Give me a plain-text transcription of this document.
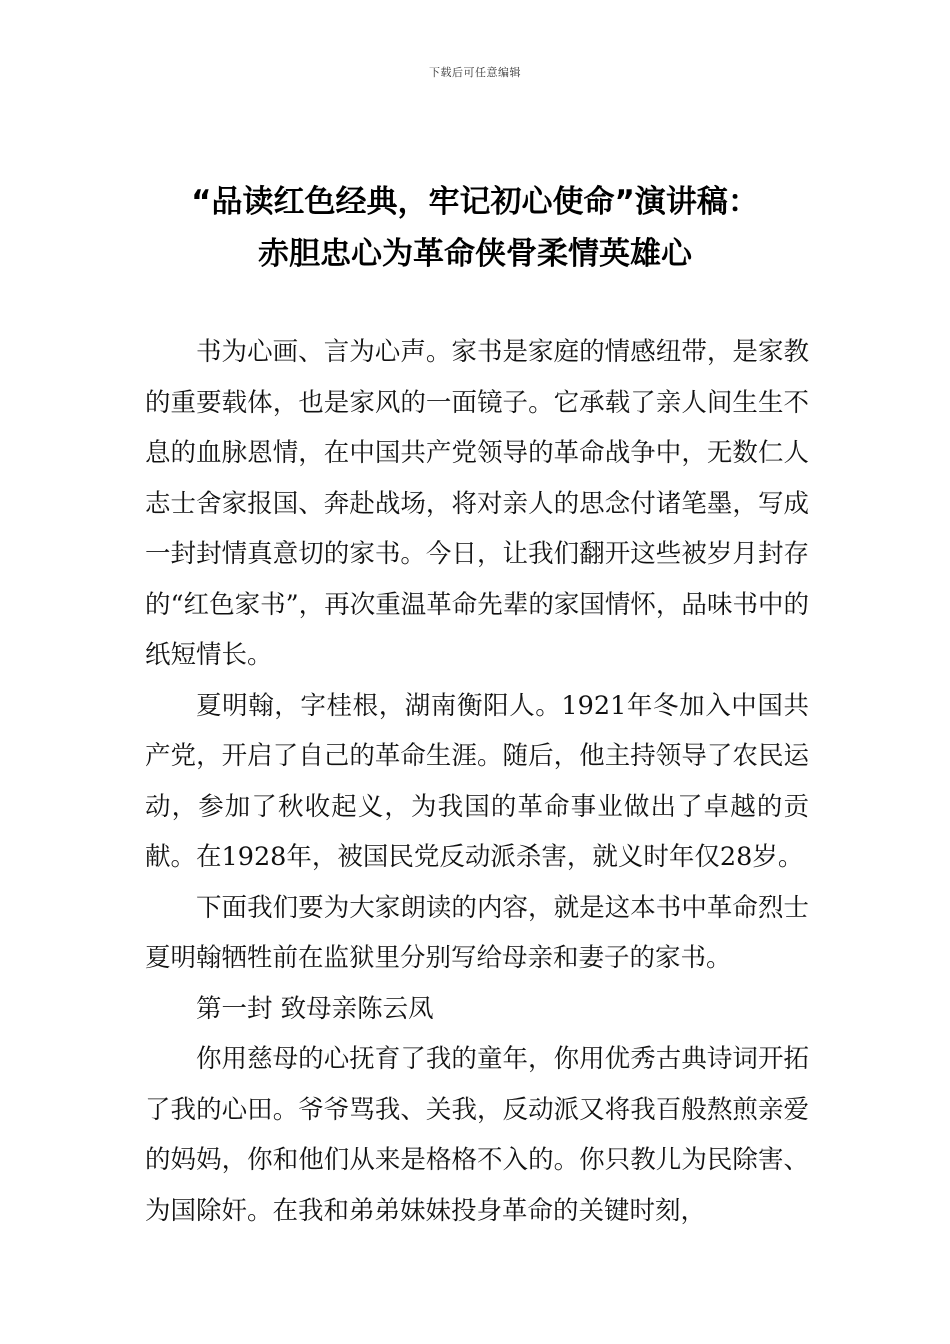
下载后可任意编辑
“品读红色经典，牢记初心使命”演讲稿：
赤胆忠心为革命侠骨柔情英雄心

书为心画、言为心声。家书是家庭的情感纽带，是家教的重要载体，也是家风的一面镜子。它承载了亲人间生生不息的血脉恩情，在中国共产党领导的革命战争中，无数仁人志士舍家报国、奔赴战场，将对亲人的思念付诸笔墨，写成一封封情真意切的家书。今日，让我们翻开这些被岁月封存的“红色家书”，再次重温革命先辈的家国情怀，品味书中的纸短情长。

夏明翰，字桂根，湖南衡阳人。1921年冬加入中国共产党，开启了自己的革命生涯。随后，他主持领导了农民运动，参加了秋收起义，为我国的革命事业做出了卓越的贡献。在1928年，被国民党反动派杀害，就义时年仅28岁。

下面我们要为大家朗读的内容，就是这本书中革命烈士夏明翰牺牲前在监狱里分别写给母亲和妻子的家书。

第一封 致母亲陈云凤

你用慈母的心抚育了我的童年，你用优秀古典诗词开拓了我的心田。爷爷骂我、关我，反动派又将我百般熬煎亲爱的妈妈，你和他们从来是格格不入的。你只教儿为民除害、为国除奸。在我和弟弟妹妹投身革命的关键时刻，
